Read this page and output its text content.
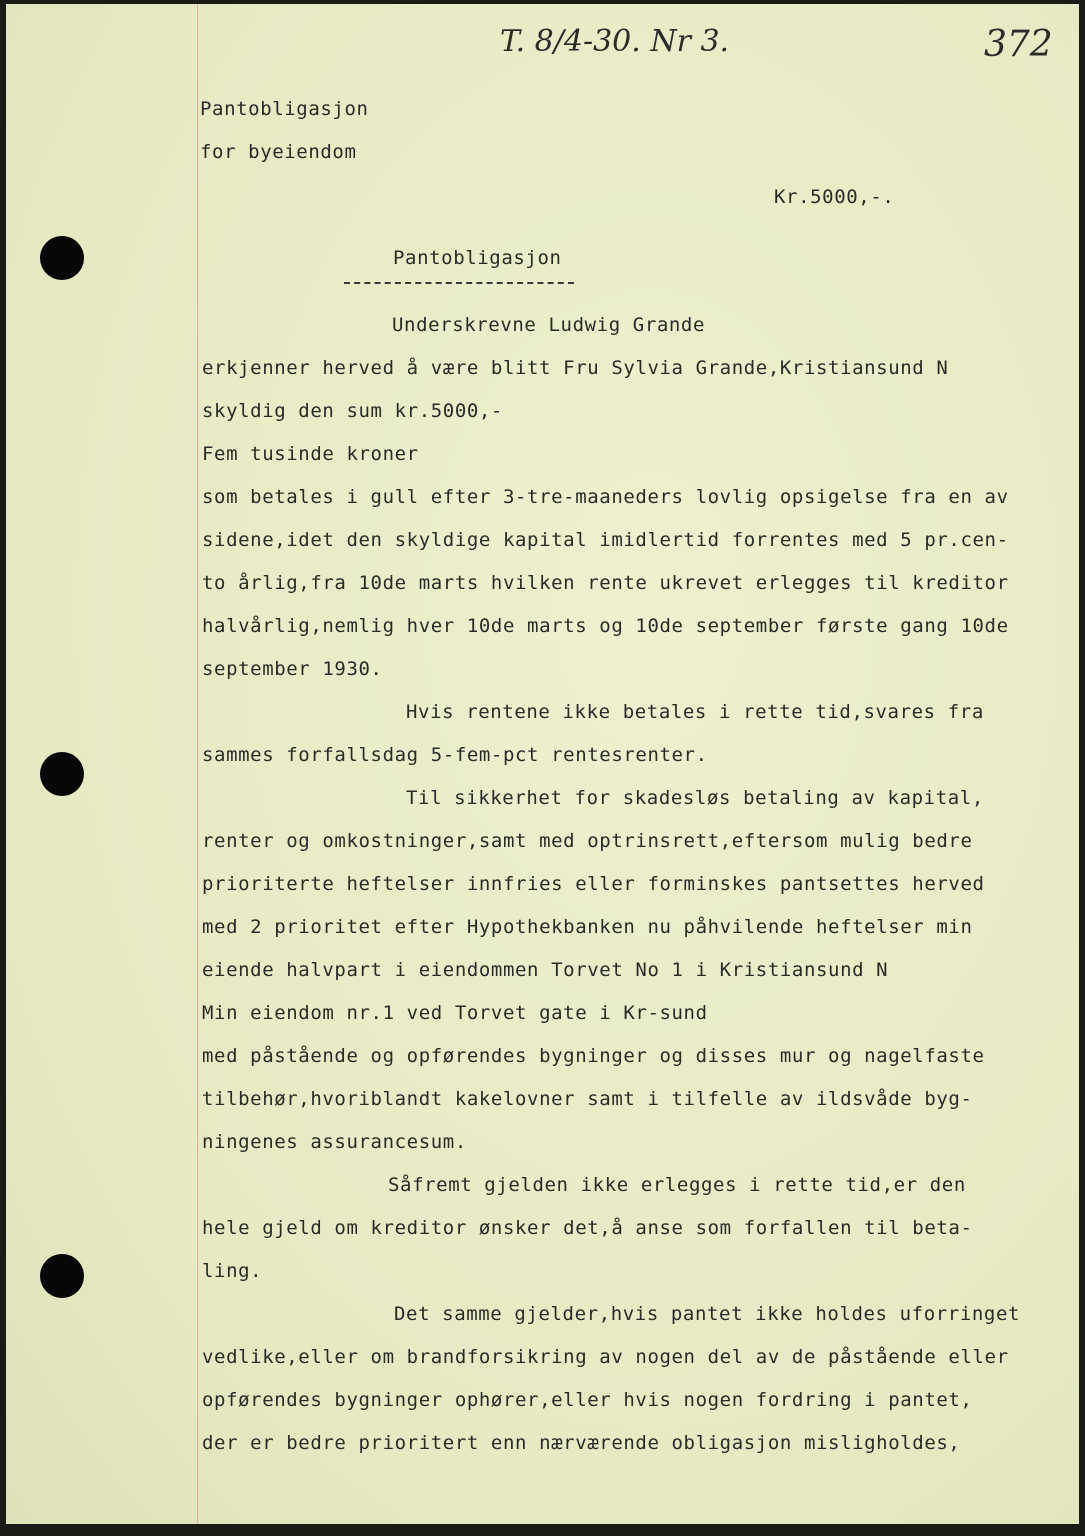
T. 8/4-30. Nr 3.	372
Pantobligasjon
for byeiendom
Kr.5000,-.
Pantobligasjon
Underskrevne Ludwig Grande
erkjenner herved å være blitt Fru Sylvia Grande,Kristiansund N
skyldig den sum kr.5000,-
Fem tusinde kroner
som betales i gull efter 3-tre-maaneders lovlig opsigelse fra en av
sidene,idet den skyldige kapital imidlertid forrentes med 5 pr.cen-
to årlig,fra 10de marts hvilken rente ukrevet erlegges til kreditor
halvårlig,nemlig hver 10de marts og 10de september første gang 10de
september 1930.
Hvis rentene ikke betales i rette tid,svares fra
sammes forfallsdag 5-fem-pct rentesrenter.
Til sikkerhet for skadesløs betaling av kapital,
renter og omkostninger,samt med optrinsrett,eftersom mulig bedre
prioriterte heftelser innfries eller forminskes pantsettes herved
med 2 prioritet efter Hypothekbanken nu påhvilende heftelser min
eiende halvpart i eiendommen Torvet No 1 i Kristiansund N
Min eiendom nr.1 ved Torvet gate i Kr-sund
med påstående og opførendes bygninger og disses mur og nagelfaste
tilbehør,hvoriblandt kakelovner samt i tilfelle av ildsvåde byg-
ningenes assurancesum.
Såfremt gjelden ikke erlegges i rette tid,er den
hele gjeld om kreditor ønsker det,å anse som forfallen til beta-
ling.
Det samme gjelder,hvis pantet ikke holdes uforringet
vedlike,eller om brandforsikring av nogen del av de påstående eller
opførendes bygninger ophører,eller hvis nogen fordring i pantet,
der er bedre prioritert enn nærværende obligasjon misligholdes,
